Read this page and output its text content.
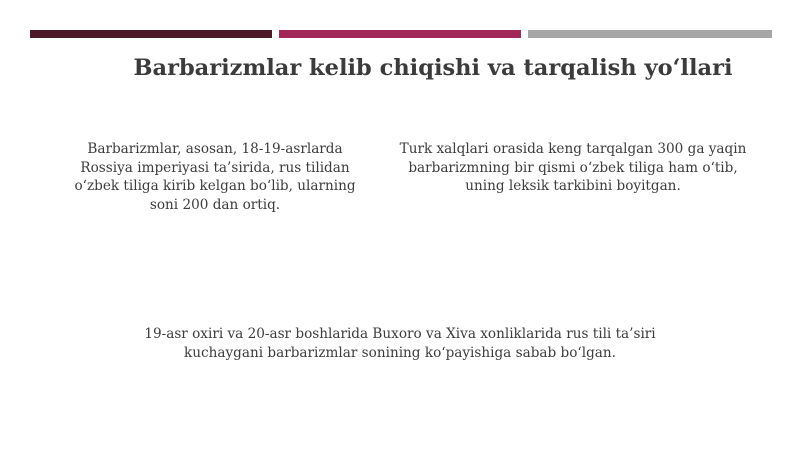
Barbarizmlar kelib chiqishi va tarqalish yo‘llari
Barbarizmlar, asosan, 18-19-asrlarda Rossiya imperiyasi ta’sirida, rus tilidan o‘zbek tiliga kirib kelgan bo‘lib, ularning soni 200 dan ortiq.
Turk xalqlari orasida keng tarqalgan 300 ga yaqin barbarizmning bir qismi o‘zbek tiliga ham o‘tib, uning leksik tarkibini boyitgan.
19-asr oxiri va 20-asr boshlarida Buxoro va Xiva xonliklarida rus tili ta’siri kuchaygani barbarizmlar sonining ko‘payishiga sabab bo‘lgan.
